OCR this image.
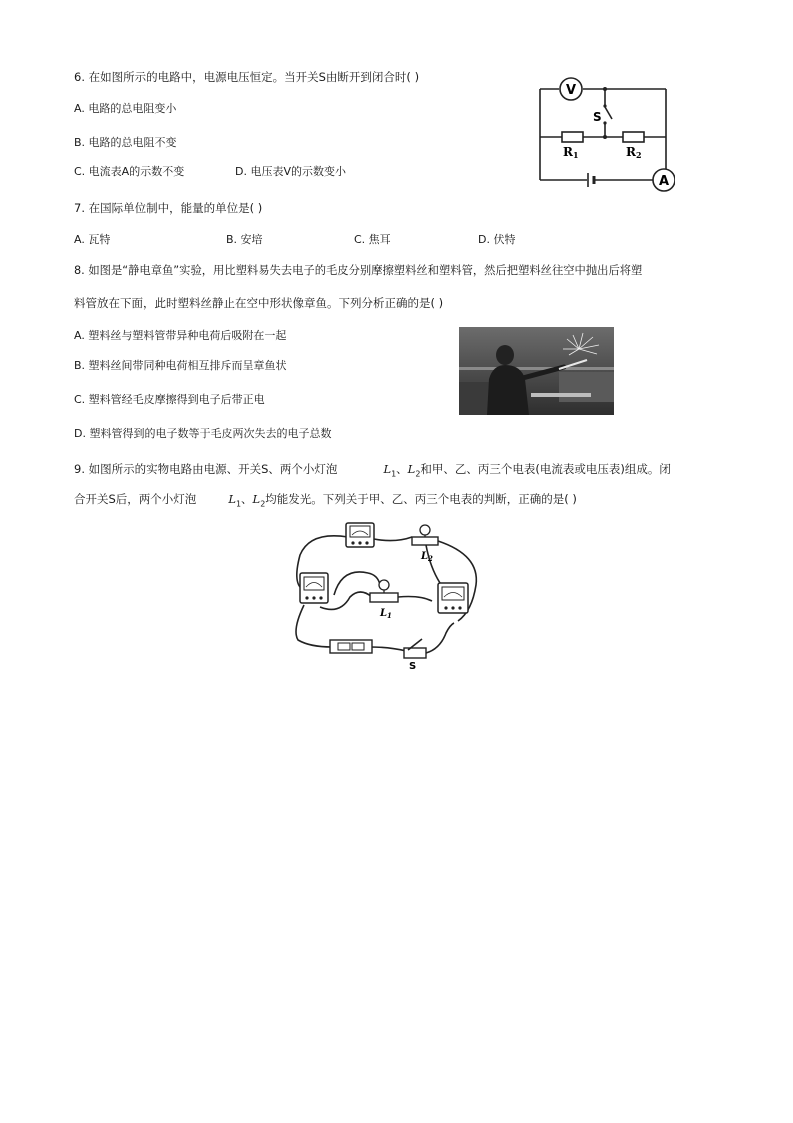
6. 在如图所示的电路中，电源电压恒定。当开关S由断开到闭合时( )
A. 电路的总电阻变小
B. 电路的总电阻不变
C. 电流表A的示数不变	D. 电压表V的示数变小
V
A
S
R1	R2
7. 在国际单位制中，能量的单位是( )
A. 瓦特	B. 安培	C. 焦耳	D. 伏特
8. 如图是“静电章鱼”实验，用比塑料易失去电子的毛皮分别摩擦塑料丝和塑料管，然后把塑料丝往空中抛出后将塑
料管放在下面，此时塑料丝静止在空中形状像章鱼。下列分析正确的是( )
A. 塑料丝与塑料管带异种电荷后吸附在一起
B. 塑料丝间带同种电荷相互排斥而呈章鱼状
C. 塑料管经毛皮摩擦得到电子后带正电
D. 塑料管得到的电子数等于毛皮两次失去的电子总数
9. 如图所示的实物电路由电源、开关S、两个小灯泡	$L_1$、$L_2$和甲、乙、丙三个电表(电流表或电压表)组成。闭
合开关S后，两个小灯泡	$L_1$、$L_2$均能发光。下列关于甲、乙、丙三个电表的判断，正确的是( )
$L_2$
$L_1$
S
